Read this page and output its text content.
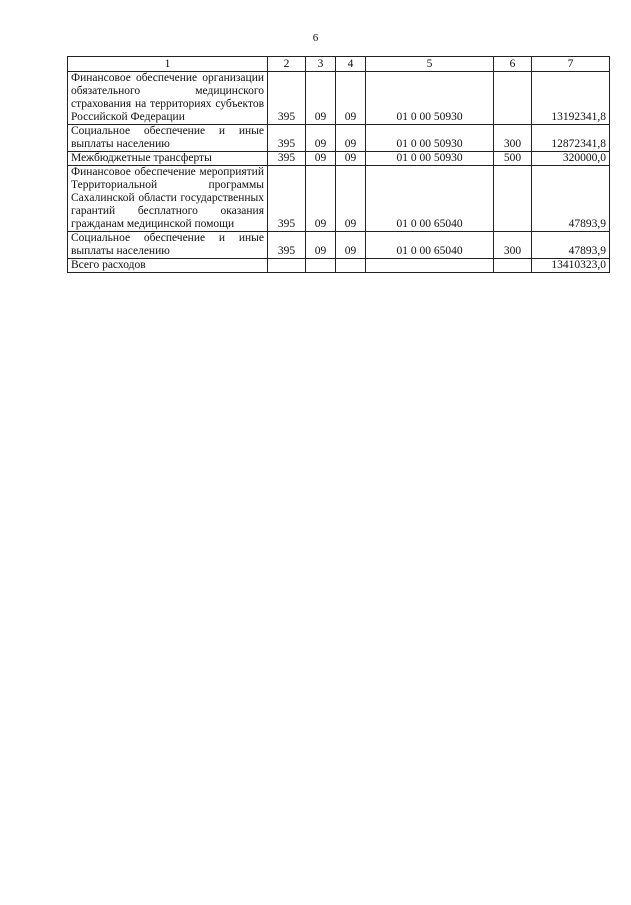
6
1	2	3	4	5	6	7
Финансовое обеспечение организации обязательного медицинского страхования на территориях субъектов Российской Федерации	395	09	09	01 0 00 50930		13192341,8
Социальное обеспечение и иные выплаты населению	395	09	09	01 0 00 50930	300	12872341,8
Межбюджетные трансферты	395	09	09	01 0 00 50930	500	320000,0
Финансовое обеспечение мероприятий Территориальной программы Сахалинской области государственных гарантий бесплатного оказания гражданам медицинской помощи	395	09	09	01 0 00 65040		47893,9
Социальное обеспечение и иные выплаты населению	395	09	09	01 0 00 65040	300	47893,9
Всего расходов						13410323,0
